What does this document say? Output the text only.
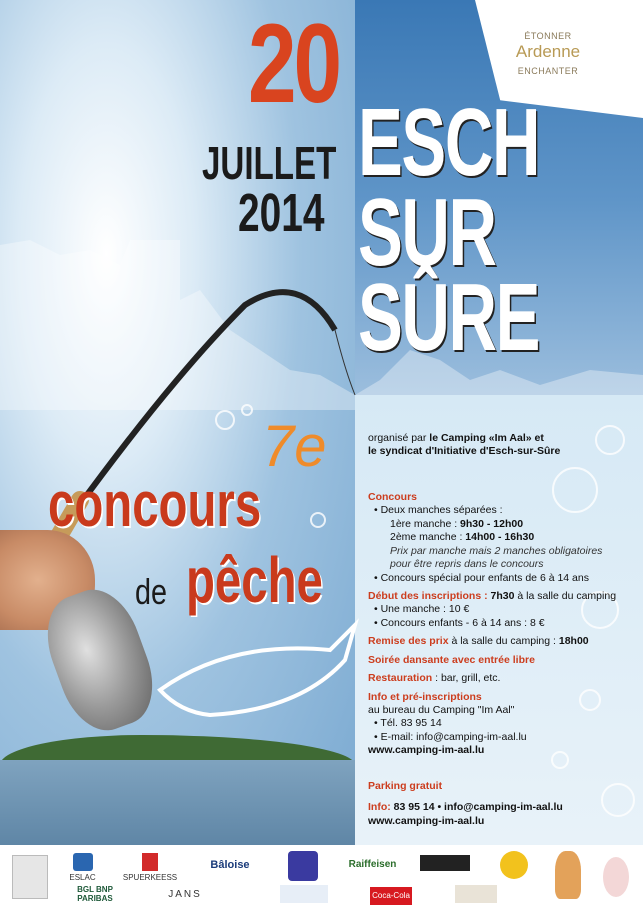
ÉTONNER
Ardenne
ENCHANTER
20
JUILLET
2014
ESCH
SUR
SÛRE
7e
concours
de pêche
organisé par le Camping «Im Aal» et
le syndicat d'Initiative d'Esch-sur-Sûre
Concours
• Deux manches séparées :
1ère manche : 9h30 - 12h00
2ème manche : 14h00 - 16h30
Prix par manche mais 2 manches obligatoires
pour être repris dans le concours
• Concours spécial pour enfants de 6 à 14 ans
Début des inscriptions : 7h30 à la salle du camping
• Une manche : 10 €
• Concours enfants - 6 à 14 ans : 8 €
Remise des prix à la salle du camping : 18h00
Soirée dansante avec entrée libre
Restauration : bar, grill, etc.
Info et pré-inscriptions
au bureau du Camping "Im Aal"
• Tél. 83 95 14
• E-mail: info@camping-im-aal.lu
www.camping-im-aal.lu
Parking gratuit
Info: 83 95 14 • info@camping-im-aal.lu
www.camping-im-aal.lu
ESLAC	SPUERKEESS
Bâloise	Raiffeisen
BGL BNP PARIBAS	JANS	Coca-Cola
